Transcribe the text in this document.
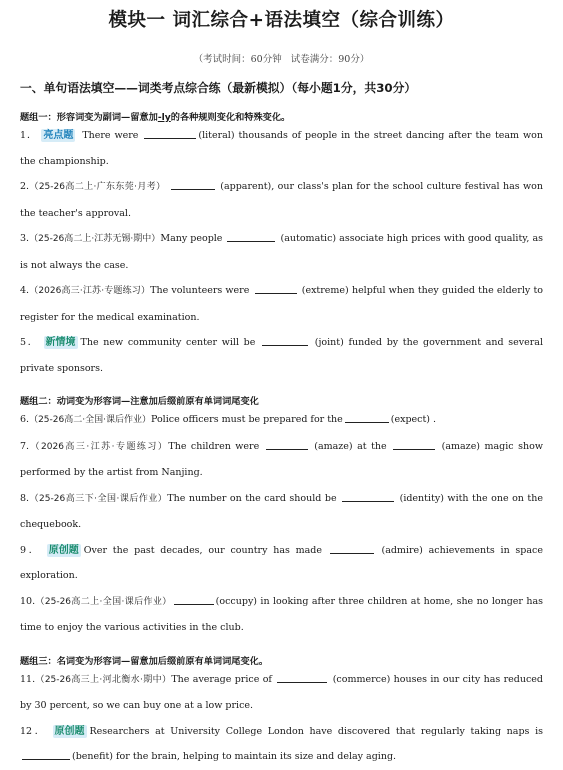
模块一 词汇综合+语法填空（综合训练）
（考试时间：60分钟 试卷满分：90分）
一、单句语法填空——词类考点综合练（最新模拟）（每小题1分，共30分）
题组一：形容词变为副词—留意加-ly的各种规则变化和特殊变化。
1． 亮点题 There were	(literal) thousands of people in the street dancing after the team won the championship.
2.（25-26高二上·广东东莞·月考）	(apparent), our class's plan for the school culture festival has won the teacher's approval.
3.（25-26高二上·江苏无锡·期中）Many people	(automatic) associate high prices with good quality, as is not always the case.
4.（2026高三·江苏·专题练习）The volunteers were	(extreme) helpful when they guided the elderly to register for the medical examination.
5． 新情境 The new community center will be	(joint) funded by the government and several private sponsors.
题组二：动词变为形容词—注意加后缀前原有单词词尾变化
6.（25-26高二·全国·课后作业）Police officers must be prepared for the	(expect) .
7.（2026高三·江苏·专题练习）The children were	(amaze) at the	(amaze) magic show performed by the artist from Nanjing.
8.（25-26高三下·全国·课后作业）The number on the card should be	(identity) with the one on the chequebook.
9． 原创题 Over the past decades, our country has made	(admire) achievements in space exploration.
10.（25-26高二上·全国·课后作业）	(occupy) in looking after three children at home, she no longer has time to enjoy the various activities in the club.
题组三：名词变为形容词—留意加后缀前原有单词词尾变化。
11.（25-26高三上·河北衡水·期中）The average price of	(commerce) houses in our city has reduced by 30 percent, so we can buy one at a low price.
12． 原创题 Researchers at University College London have discovered that regularly taking naps is(benefit) for the brain, helping to maintain its size and delay aging.
